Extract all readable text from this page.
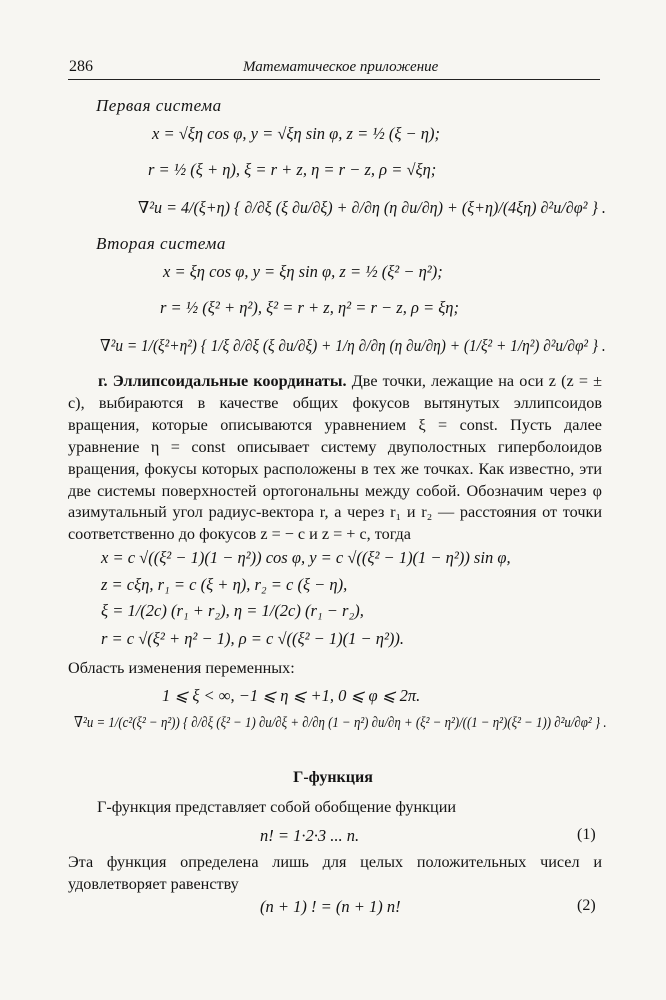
286	Математическое приложение
Первая система
x = √ξη cos φ, y = √ξη sin φ, z = ½ (ξ − η);
r = ½ (ξ + η), ξ = r + z, η = r − z, ρ = √ξη;
∇²u = 4/(ξ+η) { ∂/∂ξ (ξ ∂u/∂ξ) + ∂/∂η (η ∂u/∂η) + (ξ+η)/(4ξη) ∂²u/∂φ² } .
Вторая система
x = ξη cos φ, y = ξη sin φ, z = ½ (ξ² − η²);
r = ½ (ξ² + η²), ξ² = r + z, η² = r − z, ρ = ξη;
∇²u = 1/(ξ²+η²) { 1/ξ ∂/∂ξ (ξ ∂u/∂ξ) + 1/η ∂/∂η (η ∂u/∂η) + (1/ξ² + 1/η²) ∂²u/∂φ² } .
г. Эллипсоидальные координаты. Две точки, лежащие на оси z (z = ± c), выбираются в качестве общих фокусов вытянутых эллипсоидов вращения, которые описываются уравнением ξ = const. Пусть далее уравнение η = const описывает систему двуполостных гиперболоидов вращения, фокусы которых расположены в тех же точках. Как известно, эти две системы поверхностей ортогональны между собой. Обозначим через φ азимутальный угол радиус-вектора r, а через r₁ и r₂ — расстояния от точки соответственно до фокусов z = − c и z = + c, тогда
x = c √((ξ² − 1)(1 − η²)) cos φ, y = c √((ξ² − 1)(1 − η²)) sin φ,
z = cξη, r₁ = c (ξ + η), r₂ = c (ξ − η),
ξ = 1/(2c) (r₁ + r₂), η = 1/(2c) (r₁ − r₂),
r = c √(ξ² + η² − 1), ρ = c √((ξ² − 1)(1 − η²)).
Область изменения переменных:
1 ⩽ ξ < ∞, −1 ⩽ η ⩽ +1, 0 ⩽ φ ⩽ 2π.
∇²u = 1/(c²(ξ² − η²)) { ∂/∂ξ (ξ² − 1) ∂u/∂ξ + ∂/∂η (1 − η²) ∂u/∂η + (ξ² − η²)/((1 − η²)(ξ² − 1)) ∂²u/∂φ² } .
Г-функция
Г-функция представляет собой обобщение функции
n! = 1·2·3 ... n.	(1)
Эта функция определена лишь для целых положительных чисел и удовлетворяет равенству
(n + 1) ! = (n + 1) n!	(2)
